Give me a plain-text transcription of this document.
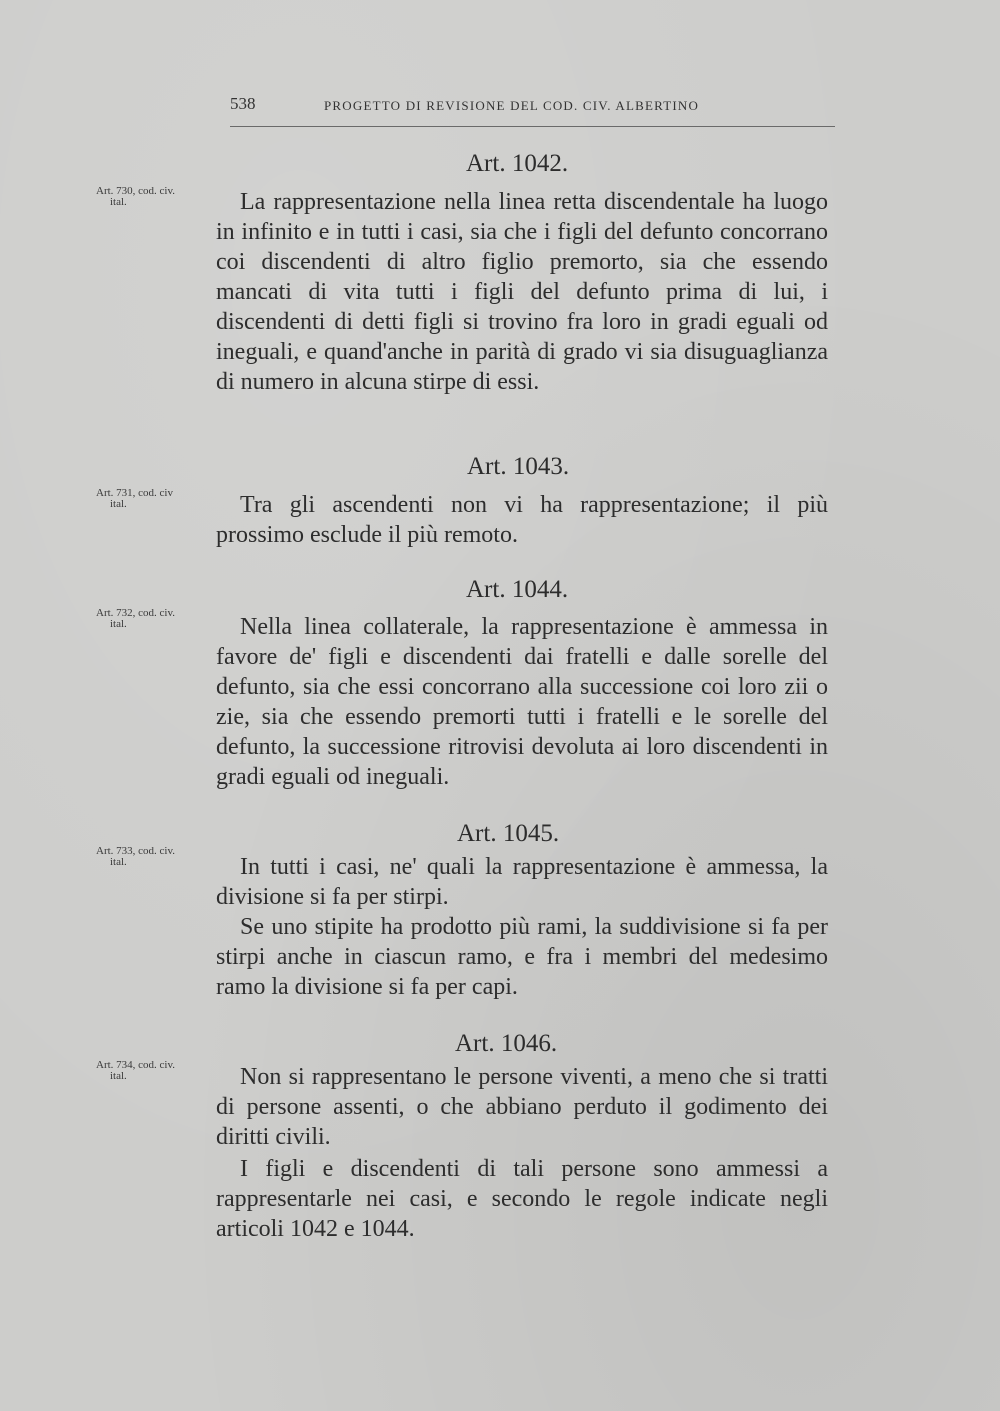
538	PROGETTO DI REVISIONE DEL COD. CIV. ALBERTINO
Art. 1042.
Art. 730, cod. civ.
ital.	La rappresentazione nella linea retta discendentale ha luogo in infinito e in tutti i casi, sia che i figli del defunto concorrano coi discendenti di altro figlio premorto, sia che essendo mancati di vita tutti i figli del defunto prima di lui, i discendenti di detti figli si trovino fra loro in gradi eguali od ineguali, e quand'anche in parità di grado vi sia disuguaglianza di numero in alcuna stirpe di essi.

Art. 1043.
Art. 731, cod. civ
ital.	Tra gli ascendenti non vi ha rappresentazione; il più prossimo esclude il più remoto.

Art. 1044.
Art. 732, cod. civ.
ital.	Nella linea collaterale, la rappresentazione è ammessa in favore de' figli e discendenti dai fratelli e dalle sorelle del defunto, sia che essi concorrano alla successione coi loro zii o zie, sia che essendo premorti tutti i fratelli e le sorelle del defunto, la successione ritrovisi devoluta ai loro discendenti in gradi eguali od ineguali.

Art. 1045.
Art. 733, cod. civ.
ital.	In tutti i casi, ne' quali la rappresentazione è ammessa, la divisione si fa per stirpi.

Se uno stipite ha prodotto più rami, la suddivisione si fa per stirpi anche in ciascun ramo, e fra i membri del medesimo ramo la divisione si fa per capi.

Art. 1046.
Art. 734, cod. civ.
ital.	Non si rappresentano le persone viventi, a meno che si tratti di persone assenti, o che abbiano perduto il godimento dei diritti civili.

I figli e discendenti di tali persone sono ammessi a rappresentarle nei casi, e secondo le regole indicate negli articoli 1042 e 1044.
